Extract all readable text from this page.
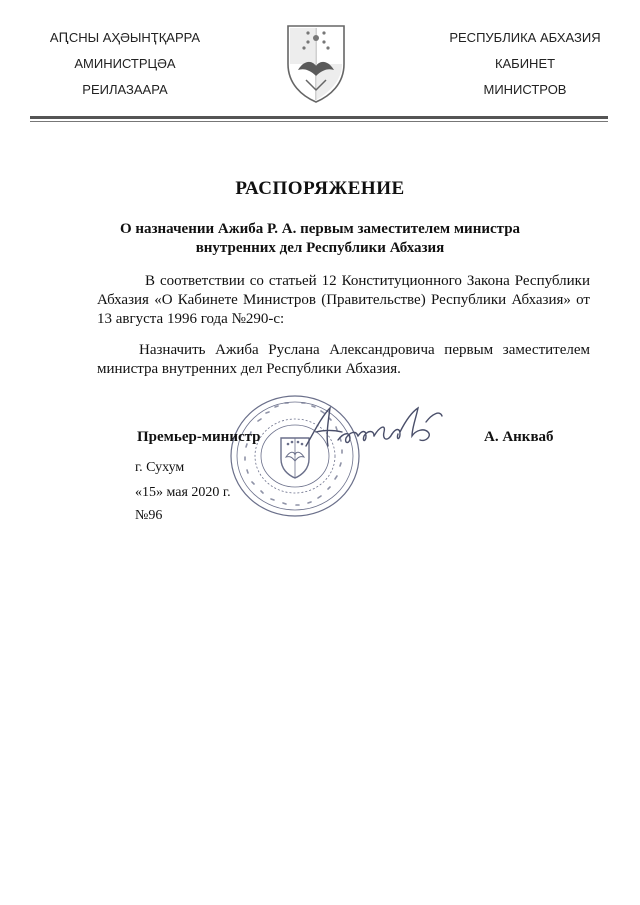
АԤСНЫ АҲӘЫНҬҚАРРА
АМИНИСТРЦӘА
РЕИЛАЗААРА
РЕСПУБЛИКА АБХАЗИЯ
КАБИНЕТ
МИНИСТРОВ
РАСПОРЯЖЕНИЕ
О назначении Ажиба Р. А. первым заместителем министра
внутренних дел Республики Абхазия
В соответствии со статьей 12 Конституционного Закона Республики Абхазия «О Кабинете Министров (Правительстве) Республики Абхазия» от 13 августа 1996 года №290-с:
Назначить Ажиба Руслана Александровича первым заместителем министра внутренних дел Республики Абхазия.
Премьер-министр	А. Анкваб
г. Сухум
«15» мая 2020 г.
№96
